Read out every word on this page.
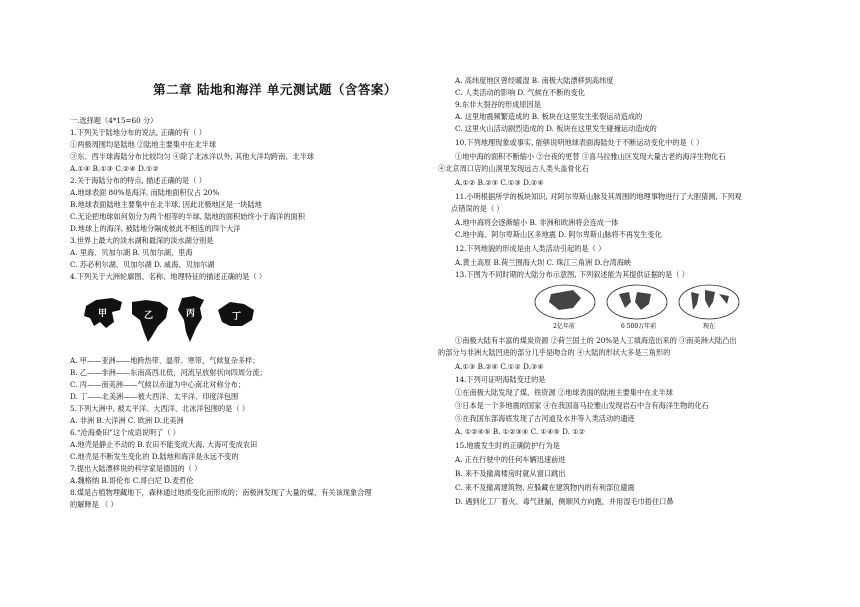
第二章 陆地和海洋 单元测试题（含答案）
一.选择题（4*15=60 分）
1.下列关于陆地分布的说法, 正确的有（ ）
①两极周围均是陆地 ②陆地主要集中在北半球
③东、西半球海陆分布比较均匀 ④除了北冰洋以外, 其他大洋均跨南、北半球
A.①④ B.①③ C.②④ D.①②
2.关于海陆分布的特点, 描述正确的是（ ）
A.地球表面 80%是海洋, 而陆地面积仅占 20%
B.地球表面陆地主要集中在北半球, 因此北极地区是一块陆地
C.无论把地球如何划分为两个相等的半球, 陆地的面积始终小于海洋的面积
D.地球上的海洋, 被陆地分隔成彼此不相连的四个大洋
3.世界上最大的淡水湖和最深的淡水湖分别是
A. 里海、贝加尔湖 B. 贝加尔湖、里海
C. 苏必利尔湖、贝加尔湖 D. 咸海、贝加尔湖
4.下列关于大洲轮廓图、名称、地理特征的描述正确的是（ ）
甲	乙	丙	丁
A. 甲——亚洲——地跨热带、温带、寒带，气候复杂多样；
B. 乙——非洲——东南高西北低，河流呈放射状向四周分流；
C. 丙——南美洲——气候以赤道为中心南北对称分布；
D. 丁——北美洲——被大西洋、太平洋、印度洋包围
5.下列大洲中, 被太平洋、大西洋、北冰洋包围的是（ ）
A. 非洲 B.大洋洲 C. 欧洲 D.北美洲
6.“沧海桑田”这个成语说明了（ ）
A.地壳是静止不动的 B.农田不能变成大海, 大海可变成农田
C.地壳是不断发生变化的 D.陆地和海洋是永远不变的
7.提出大陆漂移说的科学家是德国的（ ）
A.魏格纳 B.哥伦布 C.哥白尼 D.麦哲伦
8.煤是古植物埋藏地下，森林通过地质变化而形成的；南极洲发现了大量的煤，有关该现象合理
的解释是 （ ）
A. 高纬度地区曾经暖湿 B. 南极大陆漂移到高纬度
C. 人类活动的影响 D. 气候在不断的变化
9.东非大裂谷的形成原因是
A. 这里地震频繁造成的 B. 板块在这里发生张裂运动造成的
C. 这里火山活动剧烈造成的 D. 板块在这里发生碰撞运动造成的
10.下列地理现象或事实, 能够说明地球表面海陆处于不断运动变化中的是（ ）
①地中海的面积不断缩小 ②台夜的更替 ③喜马拉雅山区发现大量古老的海洋生物化石
④北京周口店的山洞里发现远古人类头盖骨化石
A.①② B.②③ C.①③ D.②④
11.小明根据所学的板块知识, 对阿尔卑斯山脉及其周围的地理事物进行了大胆猜测, 下列观
点错误的是（ ）
A.地中海将会逐渐缩小 B. 非洲和欧洲将会连成一体
C.地中海、阿尔卑斯山区多地震 D. 阿尔卑斯山脉将不再发生变化
12.下列地貌的形成是由人类活动引起的是（ ）
A.黄土高原 B.荷兰围海大坝 C. 珠江三角洲 D.台湾海峡
13.下图为不同时期的大陆分布示意图, 下列叙述能为其提供证据的是（ ）
2亿年前	6 500万年前	现在
①南极大陆有丰富的煤炭资源 ②荷兰国土的 20%是人工填海造出来的 ③南美洲大陆凸出
的部分与非洲大陆凹进的部分几乎是吻合的 ④大陆的形状大多是三角形的
A.①③ B.②④ C.①② D.③④
14.下列可证明海陆变迁的是
①在南极大陆发现了煤、铁资源 ②地球表面的陆地主要集中在北半球
③日本是一个多地震的国家 ④在我国喜马拉雅山发现岩石中含有海洋生物的化石
⑤在我国东部海底发现了古河道及水井等人类活动的遗迹
A. ①②④⑤ B. ①②③④ C. ①④⑤ D. ①②
15.地震发生时的正确防护行为是
A. 正在行驶中的任何车辆迅速前进
B. 来不及撤离楼房时就从窗口跳出
C. 来不及撤离建筑物, 应躲藏在建筑物内的有利部位避震
D. 遇到化工厂着火、毒气泄漏，侧顺风方向跑，并用湿毛巾捂住口鼻
